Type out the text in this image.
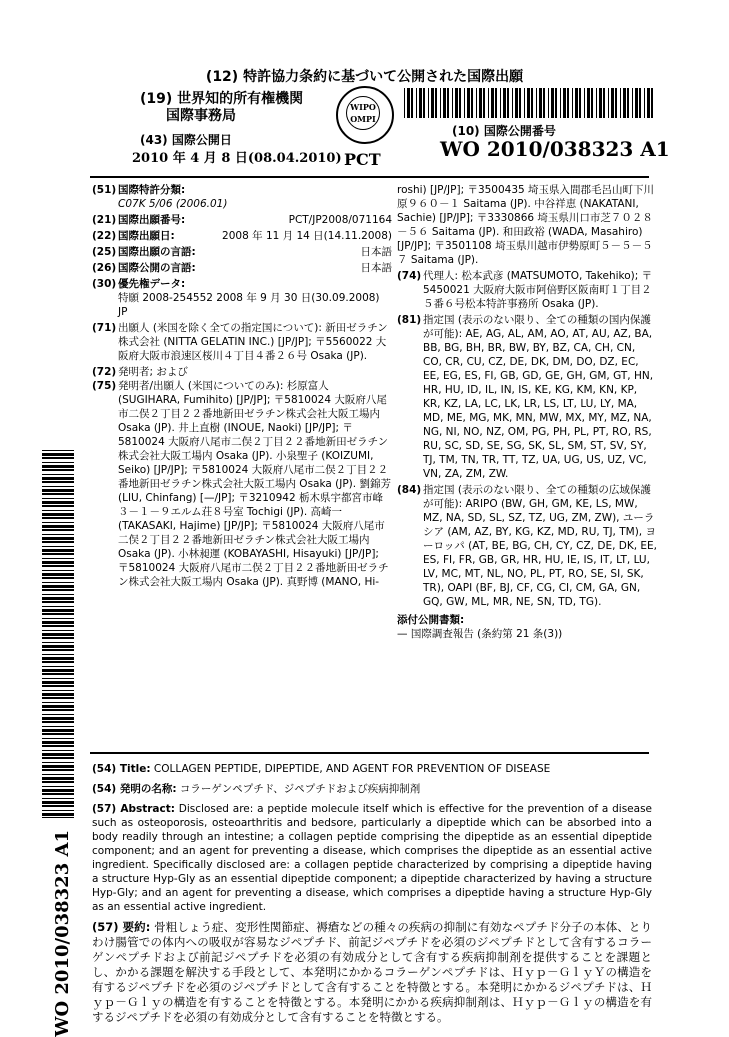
(12) 特許協力条約に基づいて公開された国際出願
(19) 世界知的所有権機関
国際事務局
(43) 国際公開日
2010 年 4 月 8 日(08.04.2010)
WIPO
OMPI
PCT
(10) 国際公開番号
WO 2010/038323 A1
(51) 国際特許分類:
C07K 5/06 (2006.01)
(21) 国際出願番号:	PCT/JP2008/071164
(22) 国際出願日:	2008 年 11 月 14 日(14.11.2008)
(25) 国際出願の言語:	日本語
(26) 国際公開の言語:	日本語
(30) 優先権データ:
特願 2008-254552 2008 年 9 月 30 日(30.09.2008) JP
(71) 出願人 (米国を除く全ての指定国について): 新田ゼラチン株式会社 (NITTA GELATIN INC.) [JP/JP]; 〒5560022 大阪府大阪市浪速区桜川４丁目４番２６号 Osaka (JP).
(72) 発明者; および
(75) 発明者/出願人 (米国についてのみ): 杉原富人 (SUGIHARA, Fumihito) [JP/JP]; 〒5810024 大阪府八尾市二俣２丁目２２番地新田ゼラチン株式会社大阪工場内 Osaka (JP). 井上直樹 (INOUE, Naoki) [JP/JP]; 〒5810024 大阪府八尾市二俣２丁目２２番地新田ゼラチン株式会社大阪工場内 Osaka (JP). 小泉聖子 (KOIZUMI, Seiko) [JP/JP]; 〒5810024 大阪府八尾市二俣２丁目２２番地新田ゼラチン株式会社大阪工場内 Osaka (JP). 劉錦芳 (LIU, Chinfang) [—/JP]; 〒3210942 栃木県宇都宮市峰３－１－９エルム荘８号室 Tochigi (JP). 高崎一 (TAKASAKI, Hajime) [JP/JP]; 〒5810024 大阪府八尾市二俣２丁目２２番地新田ゼラチン株式会社大阪工場内 Osaka (JP). 小林昶運 (KOBAYASHI, Hisayuki) [JP/JP]; 〒5810024 大阪府八尾市二俣２丁目２２番地新田ゼラチン株式会社大阪工場内 Osaka (JP). 真野博 (MANO, Hi-
roshi) [JP/JP]; 〒3500435 埼玉県入間郡毛呂山町下川原９６０－１ Saitama (JP). 中谷祥恵 (NAKATANI, Sachie) [JP/JP]; 〒3330866 埼玉県川口市芝７０２８－５６ Saitama (JP). 和田政裕 (WADA, Masahiro) [JP/JP]; 〒3501108 埼玉県川越市伊勢原町５－５－５７ Saitama (JP).
(74) 代理人: 松本武彦 (MATSUMOTO, Takehiko); 〒5450021 大阪府大阪市阿倍野区阪南町１丁目２５番６号松本特許事務所 Osaka (JP).
(81) 指定国 (表示のない限り、全ての種類の国内保護が可能): AE, AG, AL, AM, AO, AT, AU, AZ, BA, BB, BG, BH, BR, BW, BY, BZ, CA, CH, CN, CO, CR, CU, CZ, DE, DK, DM, DO, DZ, EC, EE, EG, ES, FI, GB, GD, GE, GH, GM, GT, HN, HR, HU, ID, IL, IN, IS, KE, KG, KM, KN, KP, KR, KZ, LA, LC, LK, LR, LS, LT, LU, LY, MA, MD, ME, MG, MK, MN, MW, MX, MY, MZ, NA, NG, NI, NO, NZ, OM, PG, PH, PL, PT, RO, RS, RU, SC, SD, SE, SG, SK, SL, SM, ST, SV, SY, TJ, TM, TN, TR, TT, TZ, UA, UG, US, UZ, VC, VN, ZA, ZM, ZW.
(84) 指定国 (表示のない限り、全ての種類の広域保護が可能): ARIPO (BW, GH, GM, KE, LS, MW, MZ, NA, SD, SL, SZ, TZ, UG, ZM, ZW), ユーラシア (AM, AZ, BY, KG, KZ, MD, RU, TJ, TM), ヨーロッパ (AT, BE, BG, CH, CY, CZ, DE, DK, EE, ES, FI, FR, GB, GR, HR, HU, IE, IS, IT, LT, LU, LV, MC, MT, NL, NO, PL, PT, RO, SE, SI, SK, TR), OAPI (BF, BJ, CF, CG, CI, CM, GA, GN, GQ, GW, ML, MR, NE, SN, TD, TG).
添付公開書類:
— 国際調査報告 (条約第 21 条(3))
WO 2010/038323 A1

(54) Title: COLLAGEN PEPTIDE, DIPEPTIDE, AND AGENT FOR PREVENTION OF DISEASE

(54) 発明の名称: コラーゲンペプチド、ジペプチドおよび疾病抑制剤

(57) Abstract: Disclosed are: a peptide molecule itself which is effective for the prevention of a disease such as osteoporosis, osteoarthritis and bedsore, particularly a dipeptide which can be absorbed into a body readily through an intestine; a collagen peptide comprising the dipeptide as an essential dipeptide component; and an agent for preventing a disease, which comprises the dipeptide as an essential active ingredient. Specifically disclosed are: a collagen peptide characterized by comprising a dipeptide having a structure Hyp-Gly as an essential dipeptide component; a dipeptide characterized by having a structure Hyp-Gly; and an agent for preventing a disease, which comprises a dipeptide having a structure Hyp-Gly as an essential active ingredient.

(57) 要約: 骨粗しょう症、変形性関節症、褥瘡などの種々の疾病の抑制に有効なペプチド分子の本体、とりわけ腸管での体内への吸収が容易なジペプチド、前記ジペプチドを必須のジペプチドとして含有するコラーゲンペプチドおよび前記ジペプチドを必須の有効成分として含有する疾病抑制剤を提供することを課題とし、かかる課題を解決する手段として、本発明にかかるコラーゲンペプチドは、Ｈｙｐ－ＧｌｙＹの構造を有するジペプチドを必須のジペプチドとして含有することを特徴とする。本発明にかかるジペプチドは、Ｈｙｐ－Ｇｌｙの構造を有することを特徴とする。本発明にかかる疾病抑制剤は、Ｈｙｐ－Ｇｌｙの構造を有するジペプチドを必須の有効成分として含有することを特徴とする。
